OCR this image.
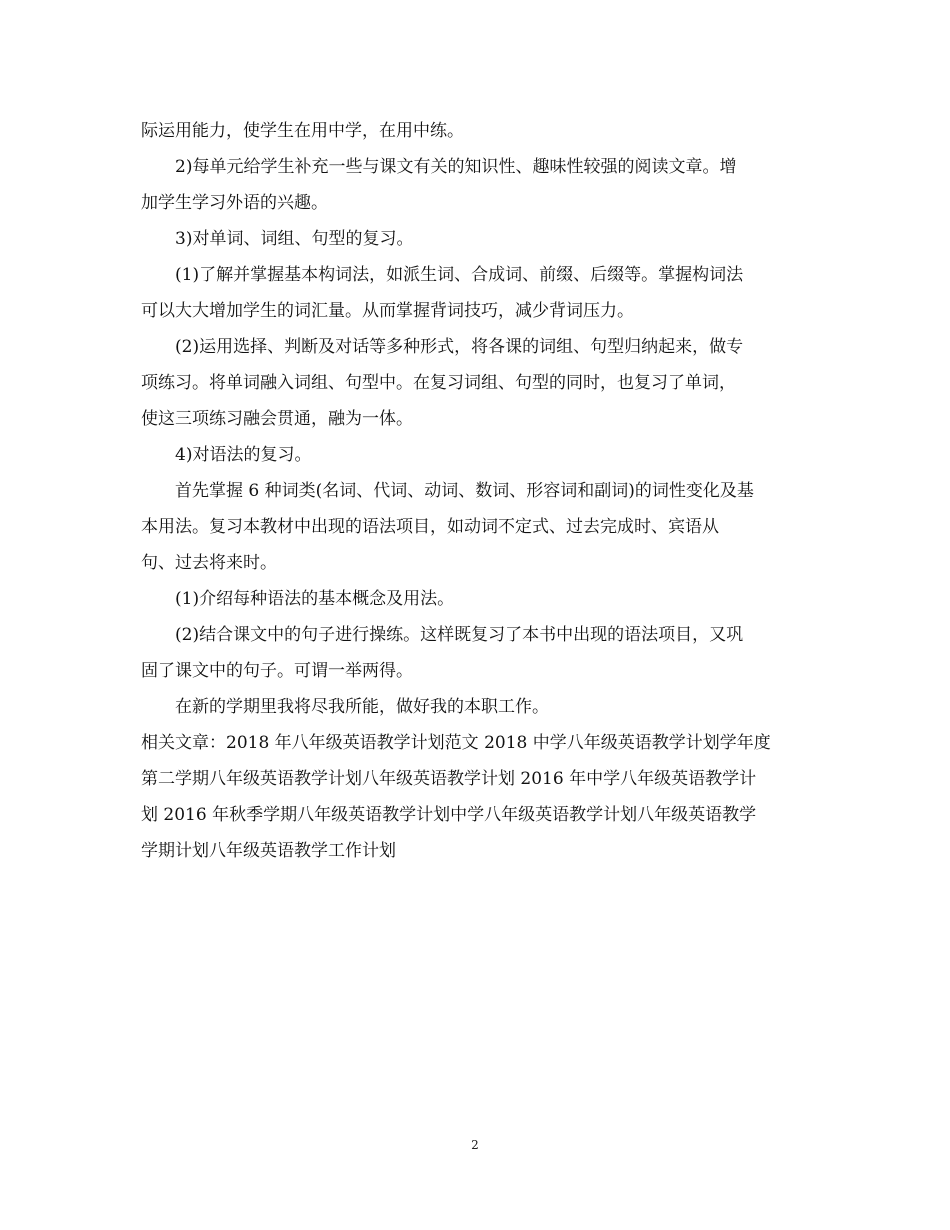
际运用能力，使学生在用中学，在用中练。
2)每单元给学生补充一些与课文有关的知识性、趣味性较强的阅读文章。增
加学生学习外语的兴趣。
3)对单词、词组、句型的复习。
(1)了解并掌握基本构词法，如派生词、合成词、前缀、后缀等。掌握构词法
可以大大增加学生的词汇量。从而掌握背词技巧，减少背词压力。
(2)运用选择、判断及对话等多种形式，将各课的词组、句型归纳起来，做专
项练习。将单词融入词组、句型中。在复习词组、句型的同时，也复习了单词，
使这三项练习融会贯通，融为一体。
4)对语法的复习。
首先掌握 6 种词类(名词、代词、动词、数词、形容词和副词)的词性变化及基
本用法。复习本教材中出现的语法项目，如动词不定式、过去完成时、宾语从
句、过去将来时。
(1)介绍每种语法的基本概念及用法。
(2)结合课文中的句子进行操练。这样既复习了本书中出现的语法项目，又巩
固了课文中的句子。可谓一举两得。
在新的学期里我将尽我所能，做好我的本职工作。
相关文章：2018 年八年级英语教学计划范文 2018 中学八年级英语教学计划学年度
第二学期八年级英语教学计划八年级英语教学计划 2016 年中学八年级英语教学计
划 2016 年秋季学期八年级英语教学计划中学八年级英语教学计划八年级英语教学
学期计划八年级英语教学工作计划
2
